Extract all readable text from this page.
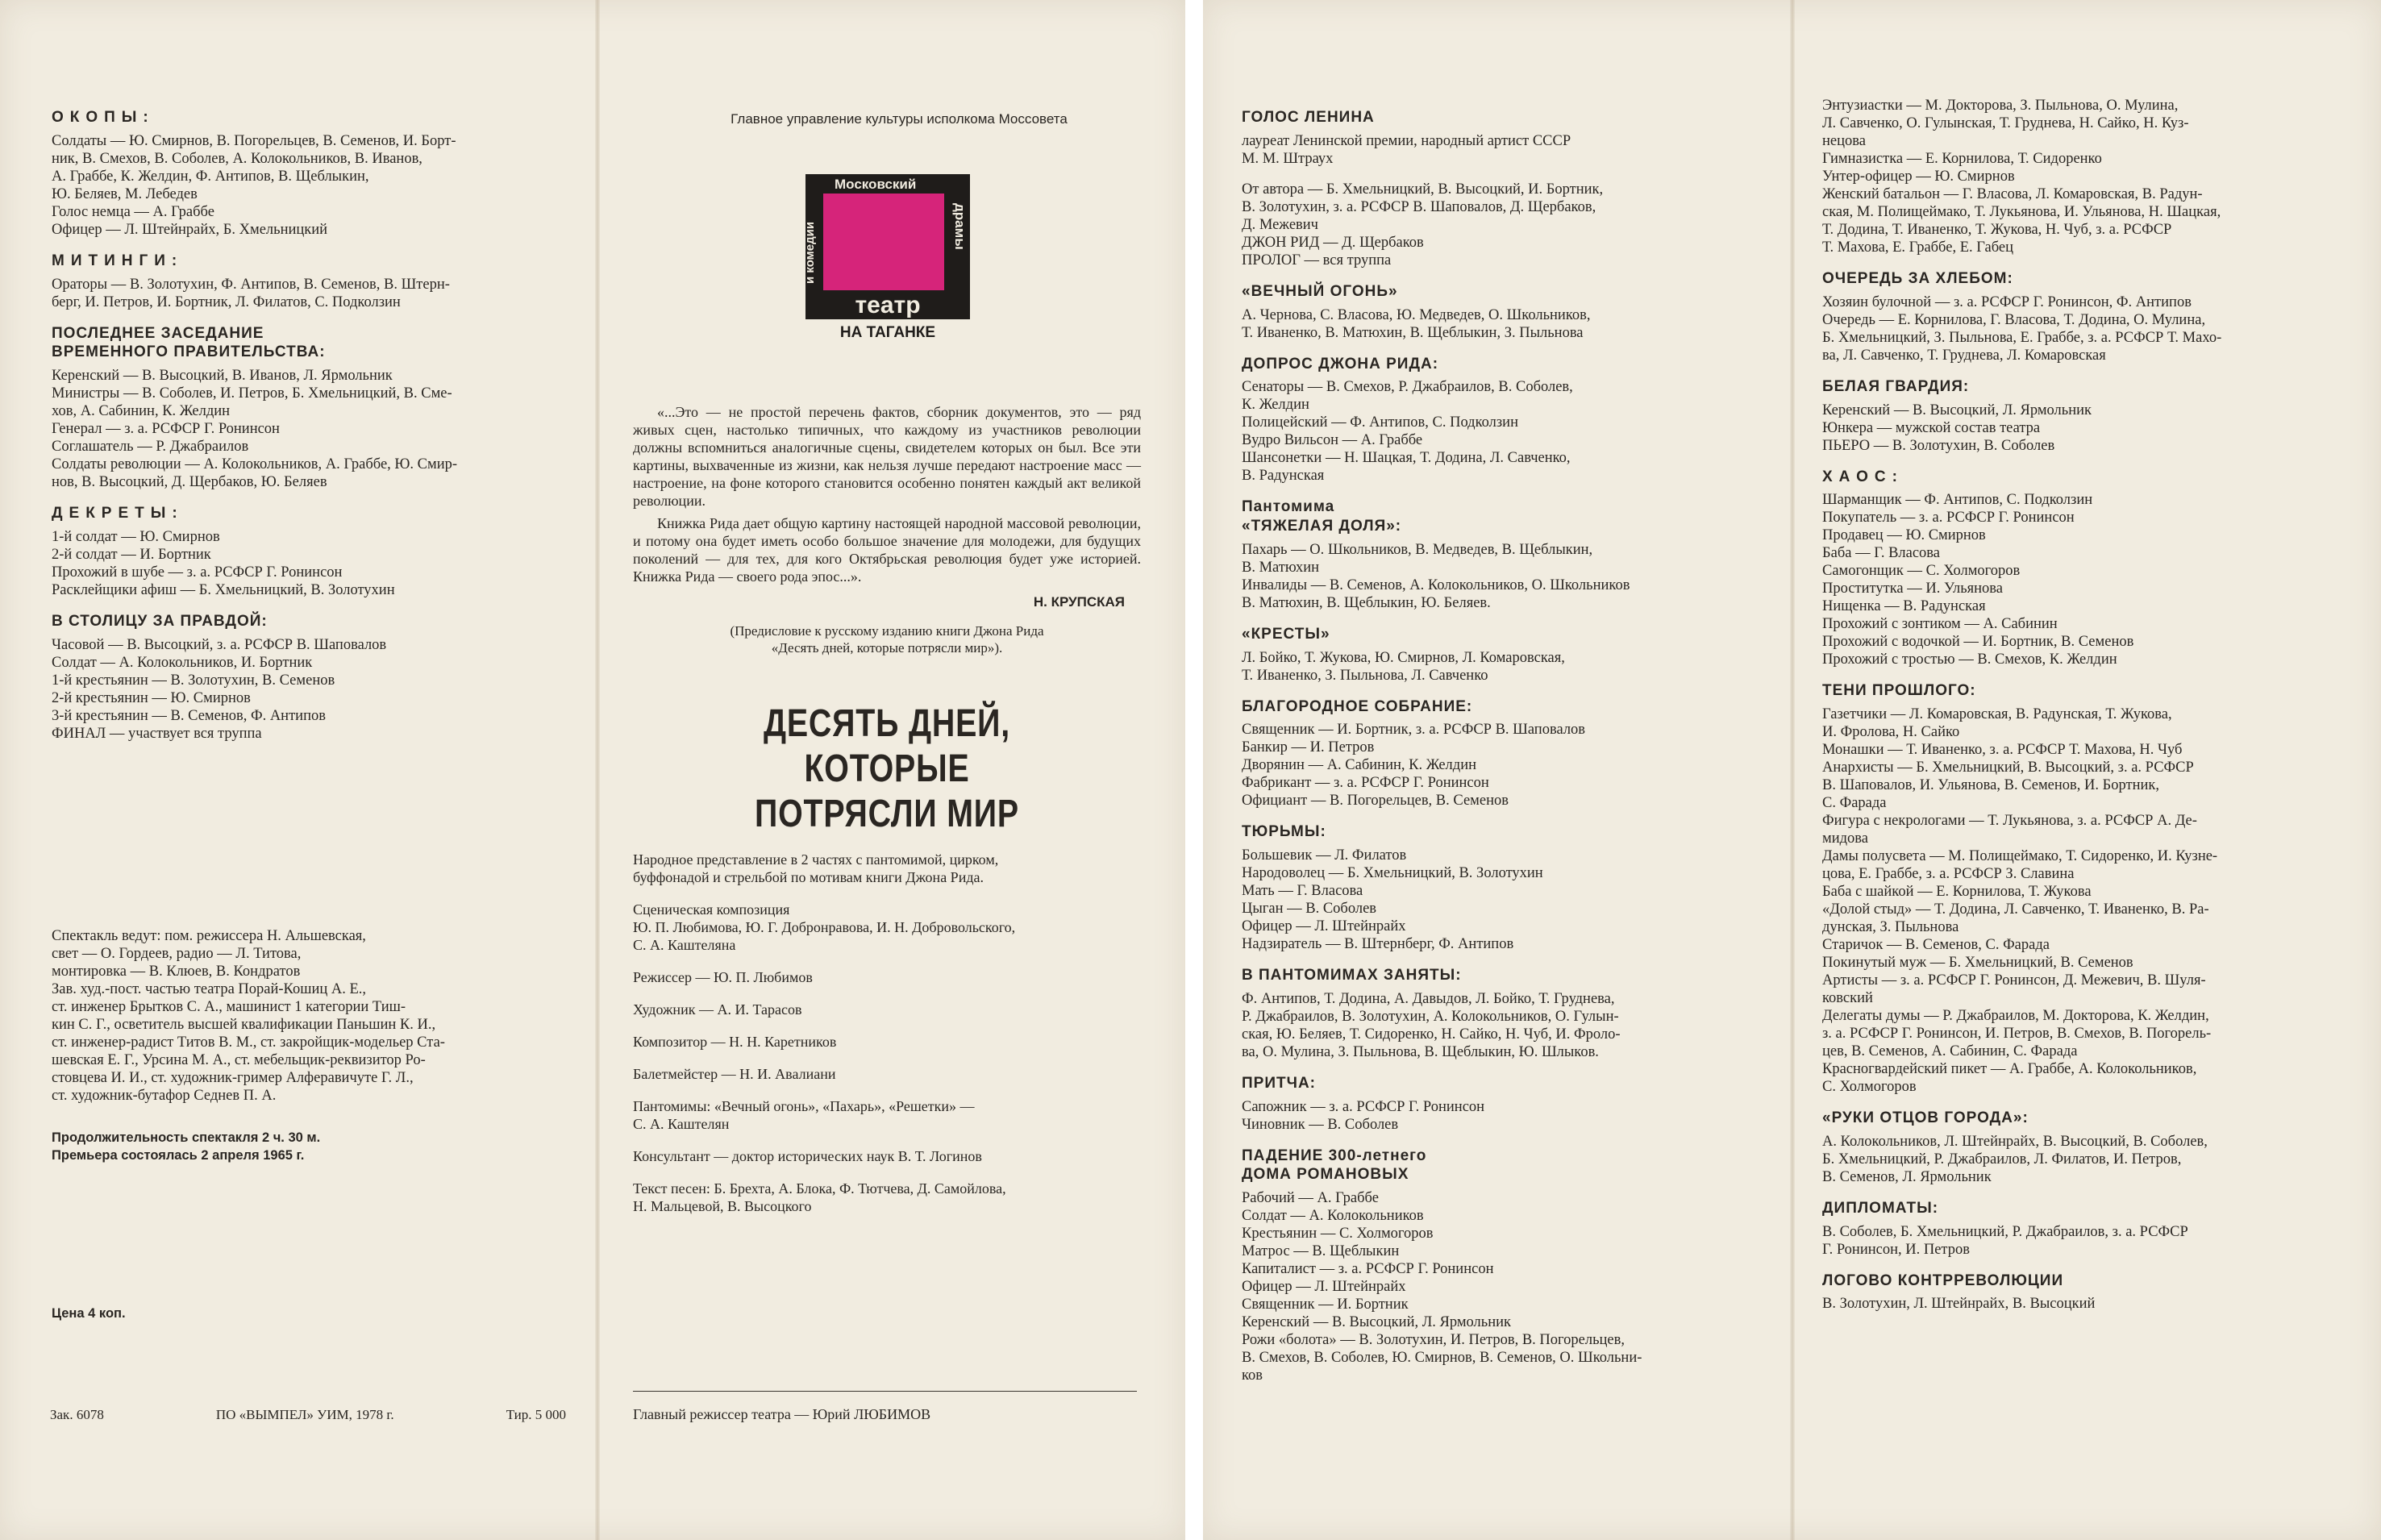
ОКОПЫ:
Солдаты — Ю. Смирнов, В. Погорельцев, В. Семенов, И. Борт-
ник, В. Смехов, В. Соболев, А. Колокольников, В. Иванов,
А. Граббе, К. Желдин, Ф. Антипов, В. Щеблыкин,
Ю. Беляев, М. Лебедев
Голос немца — А. Граббе
Офицер — Л. Штейнрайх, Б. Хмельницкий
МИТИНГИ:
Ораторы — В. Золотухин, Ф. Антипов, В. Семенов, В. Штерн-
берг, И. Петров, И. Бортник, Л. Филатов, С. Подколзин
ПОСЛЕДНЕЕ ЗАСЕДАНИЕ
ВРЕМЕННОГО ПРАВИТЕЛЬСТВА:
Керенский — В. Высоцкий, В. Иванов, Л. Ярмольник
Министры — В. Соболев, И. Петров, Б. Хмельницкий, В. Сме-
хов, А. Сабинин, К. Желдин
Генерал — з. а. РСФСР Г. Ронинсон
Соглашатель — Р. Джабраилов
Солдаты революции — А. Колокольников, А. Граббе, Ю. Смир-
нов, В. Высоцкий, Д. Щербаков, Ю. Беляев
ДЕКРЕТЫ:
1-й солдат — Ю. Смирнов
2-й солдат — И. Бортник
Прохожий в шубе — з. а. РСФСР Г. Ронинсон
Расклейщики афиш — Б. Хмельницкий, В. Золотухин
В СТОЛИЦУ ЗА ПРАВДОЙ:
Часовой — В. Высоцкий, з. а. РСФСР В. Шаповалов
Солдат — А. Колокольников, И. Бортник
1-й крестьянин — В. Золотухин, В. Семенов
2-й крестьянин — Ю. Смирнов
3-й крестьянин — В. Семенов, Ф. Антипов
ФИНАЛ — участвует вся труппа
Спектакль ведут: пом. режиссера Н. Альшевская,
свет — О. Гордеев, радио — Л. Титова,
монтировка — В. Клюев, В. Кондратов
Зав. худ.-пост. частью театра Порай-Кошиц А. Е.,
ст. инженер Брытков С. А., машинист 1 категории Тиш-
кин С. Г., осветитель высшей квалификации Паньшин К. И.,
ст. инженер-радист Титов В. М., ст. закройщик-модельер Ста-
шевская Е. Г., Урсина М. А., ст. мебельщик-реквизитор Ро-
стовцева И. И., ст. художник-гример Алферавичуте Г. Л.,
ст. художник-бутафор Седнев П. А.
Продолжительность спектакля 2 ч. 30 м.
Премьера состоялась 2 апреля 1965 г.
Цена 4 коп.
Зак. 6078	ПО «ВЫМПЕЛ» УИМ, 1978 г.	Тир. 5 000
Главное управление культуры исполкома Моссовета
драмы
Московский
и комедии
театр
НА ТАГАНКЕ

«...Это — не простой перечень фактов, сборник документов, это — ряд живых сцен, настолько типичных, что каждому из участников революции должны вспомниться аналогичные сцены, свидетелем которых он был. Все эти картины, выхваченные из жизни, как нельзя лучше передают настроение масс — настроение, на фоне которого становится особенно понятен каждый акт великой революции.

Книжка Рида дает общую картину настоящей народной массовой революции, и потому она будет иметь особо большое значение для молодежи, для будущих поколений — для тех, для кого Октябрьская революция будет уже историей. Книжка Рида — своего рода эпос...».

Н. КРУПСКАЯ
(Предисловие к русскому изданию книги Джона Рида
«Десять дней, которые потрясли мир»).
ДЕСЯТЬ ДНЕЙ,
КОТОРЫЕ
ПОТРЯСЛИ МИР
Народное представление в 2 частях с пантомимой, цирком,
буффонадой и стрельбой по мотивам книги Джона Рида.
Сценическая композиция
Ю. П. Любимова, Ю. Г. Добронравова, И. Н. Добровольского,
С. А. Каштеляна
Режиссер — Ю. П. Любимов
Художник — А. И. Тарасов
Композитор — Н. Н. Каретников
Балетмейстер — Н. И. Авалиани
Пантомимы: «Вечный огонь», «Пахарь», «Решетки» —
С. А. Каштелян
Консультант — доктор исторических наук В. Т. Логинов
Текст песен: Б. Брехта, А. Блока, Ф. Тютчева, Д. Самойлова,
Н. Мальцевой, В. Высоцкого
Главный режиссер театра — Юрий ЛЮБИМОВ
ГОЛОС ЛЕНИНА
лауреат Ленинской премии, народный артист СССР
М. М. Штраух
От автора — Б. Хмельницкий, В. Высоцкий, И. Бортник,
В. Золотухин, з. а. РСФСР В. Шаповалов, Д. Щербаков,
Д. Межевич
ДЖОН РИД — Д. Щербаков
ПРОЛОГ — вся труппа
«ВЕЧНЫЙ ОГОНЬ»
А. Чернова, С. Власова, Ю. Медведев, О. Школьников,
Т. Иваненко, В. Матюхин, В. Щеблыкин, З. Пыльнова
ДОПРОС ДЖОНА РИДА:
Сенаторы — В. Смехов, Р. Джабраилов, В. Соболев,
К. Желдин
Полицейский — Ф. Антипов, С. Подколзин
Вудро Вильсон — А. Граббе
Шансонетки — Н. Шацкая, Т. Додина, Л. Савченко,
В. Радунская
Пантомима
«ТЯЖЕЛАЯ ДОЛЯ»:
Пахарь — О. Школьников, В. Медведев, В. Щеблыкин,
В. Матюхин
Инвалиды — В. Семенов, А. Колокольников, О. Школьников
В. Матюхин, В. Щеблыкин, Ю. Беляев.
«КРЕСТЫ»
Л. Бойко, Т. Жукова, Ю. Смирнов, Л. Комаровская,
Т. Иваненко, З. Пыльнова, Л. Савченко
БЛАГОРОДНОЕ СОБРАНИЕ:
Священник — И. Бортник, з. а. РСФСР В. Шаповалов
Банкир — И. Петров
Дворянин — А. Сабинин, К. Желдин
Фабрикант — з. а. РСФСР Г. Ронинсон
Официант — В. Погорельцев, В. Семенов
ТЮРЬМЫ:
Большевик — Л. Филатов
Народоволец — Б. Хмельницкий, В. Золотухин
Мать — Г. Власова
Цыган — В. Соболев
Офицер — Л. Штейнрайх
Надзиратель — В. Штернберг, Ф. Антипов
В ПАНТОМИМАХ ЗАНЯТЫ:
Ф. Антипов, Т. Додина, А. Давыдов, Л. Бойко, Т. Груднева,
Р. Джабраилов, В. Золотухин, А. Колокольников, О. Гулын-
ская, Ю. Беляев, Т. Сидоренко, Н. Сайко, Н. Чуб, И. Фроло-
ва, О. Мулина, З. Пыльнова, В. Щеблыкин, Ю. Шлыков.
ПРИТЧА:
Сапожник — з. а. РСФСР Г. Ронинсон
Чиновник — В. Соболев
ПАДЕНИЕ 300-летнего
ДОМА РОМАНОВЫХ
Рабочий — А. Граббе
Солдат — А. Колокольников
Крестьянин — С. Холмогоров
Матрос — В. Щеблыкин
Капиталист — з. а. РСФСР Г. Ронинсон
Офицер — Л. Штейнрайх
Священник — И. Бортник
Керенский — В. Высоцкий, Л. Ярмольник
Рожи «болота» — В. Золотухин, И. Петров, В. Погорельцев,
В. Смехов, В. Соболев, Ю. Смирнов, В. Семенов, О. Школьни-
ков
Энтузиастки — М. Докторова, З. Пыльнова, О. Мулина,
Л. Савченко, О. Гулынская, Т. Груднева, Н. Сайко, Н. Куз-
нецова
Гимназистка — Е. Корнилова, Т. Сидоренко
Унтер-офицер — Ю. Смирнов
Женский батальон — Г. Власова, Л. Комаровская, В. Радун-
ская, М. Полищеймако, Т. Лукьянова, И. Ульянова, Н. Шацкая,
Т. Додина, Т. Иваненко, Т. Жукова, Н. Чуб, з. а. РСФСР
Т. Махова, Е. Граббе, Е. Габец
ОЧЕРЕДЬ ЗА ХЛЕБОМ:
Хозяин булочной — з. а. РСФСР Г. Ронинсон, Ф. Антипов
Очередь — Е. Корнилова, Г. Власова, Т. Додина, О. Мулина,
Б. Хмельницкий, З. Пыльнова, Е. Граббе, з. а. РСФСР Т. Махо-
ва, Л. Савченко, Т. Груднева, Л. Комаровская
БЕЛАЯ ГВАРДИЯ:
Керенский — В. Высоцкий, Л. Ярмольник
Юнкера — мужской состав театра
ПЬЕРО — В. Золотухин, В. Соболев
ХАОС:
Шарманщик — Ф. Антипов, С. Подколзин
Покупатель — з. а. РСФСР Г. Ронинсон
Продавец — Ю. Смирнов
Баба — Г. Власова
Самогонщик — С. Холмогоров
Проститутка — И. Ульянова
Нищенка — В. Радунская
Прохожий с зонтиком — А. Сабинин
Прохожий с водочкой — И. Бортник, В. Семенов
Прохожий с тростью — В. Смехов, К. Желдин
ТЕНИ ПРОШЛОГО:
Газетчики — Л. Комаровская, В. Радунская, Т. Жукова,
И. Фролова, Н. Сайко
Монашки — Т. Иваненко, з. а. РСФСР Т. Махова, Н. Чуб
Анархисты — Б. Хмельницкий, В. Высоцкий, з. а. РСФСР
В. Шаповалов, И. Ульянова, В. Семенов, И. Бортник,
С. Фарада
Фигура с некрологами — Т. Лукьянова, з. а. РСФСР А. Де-
мидова
Дамы полусвета — М. Полищеймако, Т. Сидоренко, И. Кузне-
цова, Е. Граббе, з. а. РСФСР З. Славина
Баба с шайкой — Е. Корнилова, Т. Жукова
«Долой стыд» — Т. Додина, Л. Савченко, Т. Иваненко, В. Ра-
дунская, З. Пыльнова
Старичок — В. Семенов, С. Фарада
Покинутый муж — Б. Хмельницкий, В. Семенов
Артисты — з. а. РСФСР Г. Ронинсон, Д. Межевич, В. Шуля-
ковский
Делегаты думы — Р. Джабраилов, М. Докторова, К. Желдин,
з. а. РСФСР Г. Ронинсон, И. Петров, В. Смехов, В. Погорель-
цев, В. Семенов, А. Сабинин, С. Фарада
Красногвардейский пикет — А. Граббе, А. Колокольников,
С. Холмогоров
«РУКИ ОТЦОВ ГОРОДА»:
А. Колокольников, Л. Штейнрайх, В. Высоцкий, В. Соболев,
Б. Хмельницкий, Р. Джабраилов, Л. Филатов, И. Петров,
В. Семенов, Л. Ярмольник
ДИПЛОМАТЫ:
В. Соболев, Б. Хмельницкий, Р. Джабраилов, з. а. РСФСР
Г. Ронинсон, И. Петров
ЛОГОВО КОНТРРЕВОЛЮЦИИ
В. Золотухин, Л. Штейнрайх, В. Высоцкий
